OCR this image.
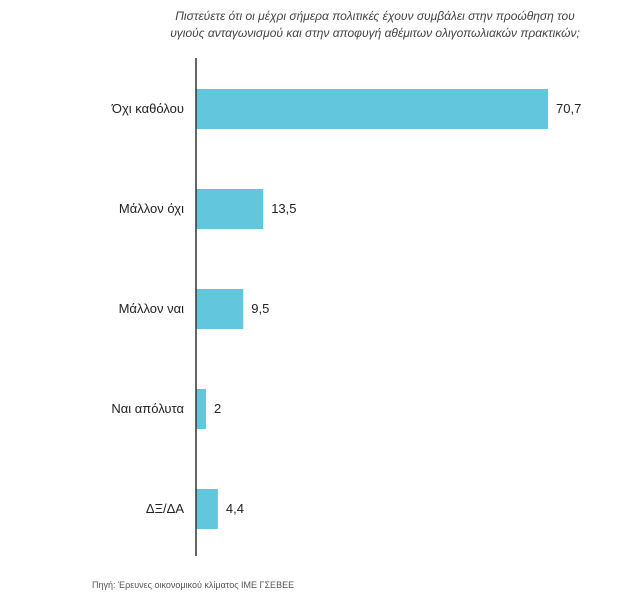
Πιστεύετε ότι οι μέχρι σήμερα πολιτικές έχουν συμβάλει στην προώθηση του
υγιούς ανταγωνισμού και στην αποφυγή αθέμιτων ολιγοπωλιακών πρακτικών;
Όχι καθόλου	70,7
Μάλλον όχι	13,5
Μάλλον ναι	9,5
Ναι απόλυτα 2
ΔΞ/ΔΑ	4,4
Πηγή: Έρευνες οικονομικού κλίματος ΙΜΕ ΓΣΕΒΕΕ
